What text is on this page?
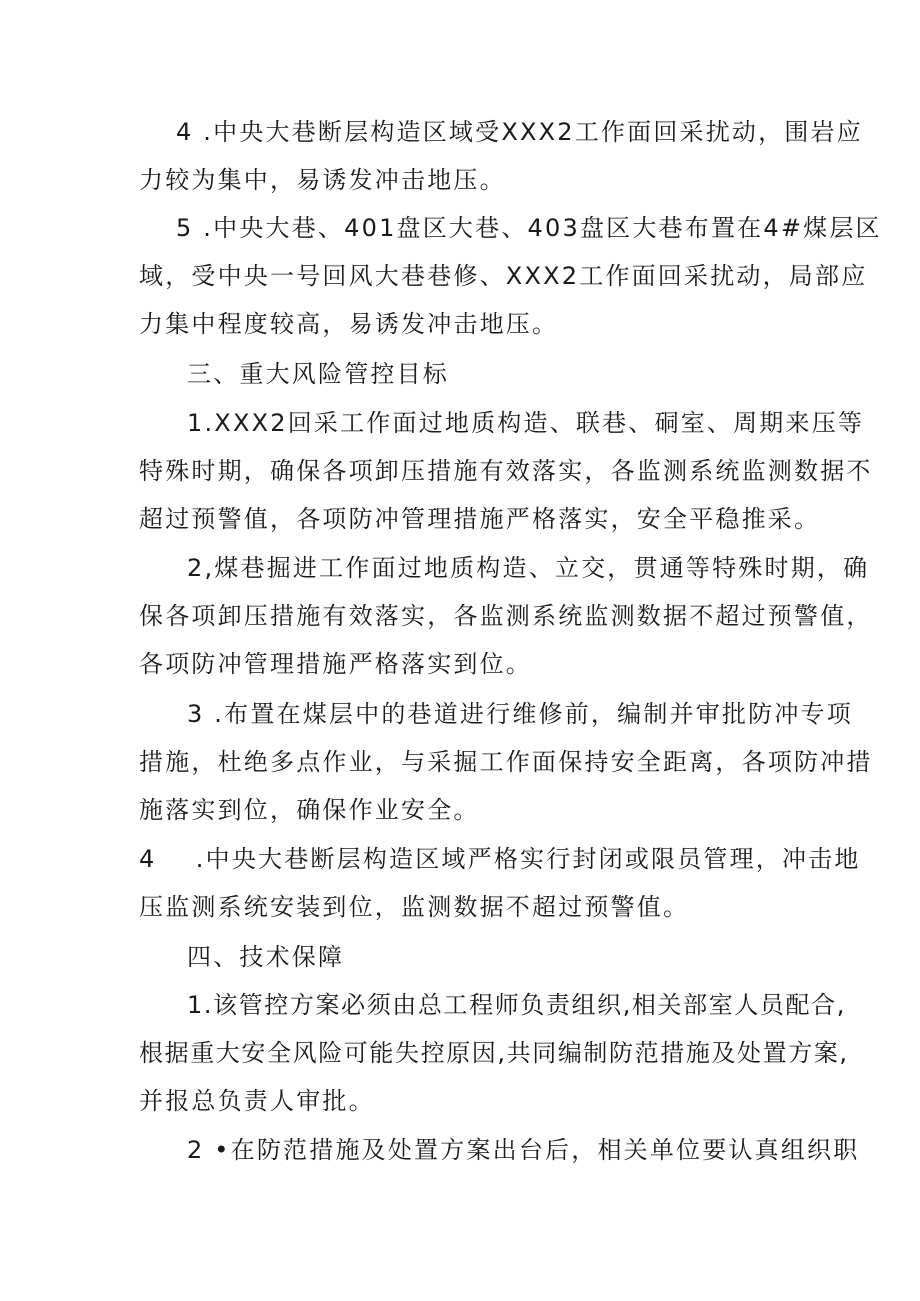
4 .中央大巷断层构造区域受XXX2工作面回采扰动，围岩应
力较为集中，易诱发冲击地压。
5 .中央大巷、401盘区大巷、403盘区大巷布置在4#煤层区
域，受中央一号回风大巷巷修、XXX2工作面回采扰动，局部应
力集中程度较高，易诱发冲击地压。
三、重大风险管控目标
1.XXX2回采工作面过地质构造、联巷、硐室、周期来压等
特殊时期，确保各项卸压措施有效落实，各监测系统监测数据不
超过预警值，各项防冲管理措施严格落实，安全平稳推采。
2,煤巷掘进工作面过地质构造、立交，贯通等特殊时期，确
保各项卸压措施有效落实，各监测系统监测数据不超过预警值，
各项防冲管理措施严格落实到位。
3 .布置在煤层中的巷道进行维修前，编制并审批防冲专项
措施，杜绝多点作业，与采掘工作面保持安全距离，各项防冲措
施落实到位，确保作业安全。
4    .中央大巷断层构造区域严格实行封闭或限员管理，冲击地
压监测系统安装到位，监测数据不超过预警值。
四、技术保障
1.该管控方案必须由总工程师负责组织,相关部室人员配合,
根据重大安全风险可能失控原因,共同编制防范措施及处置方案,
并报总负责人审批。
2 •在防范措施及处置方案出台后，相关单位要认真组织职
